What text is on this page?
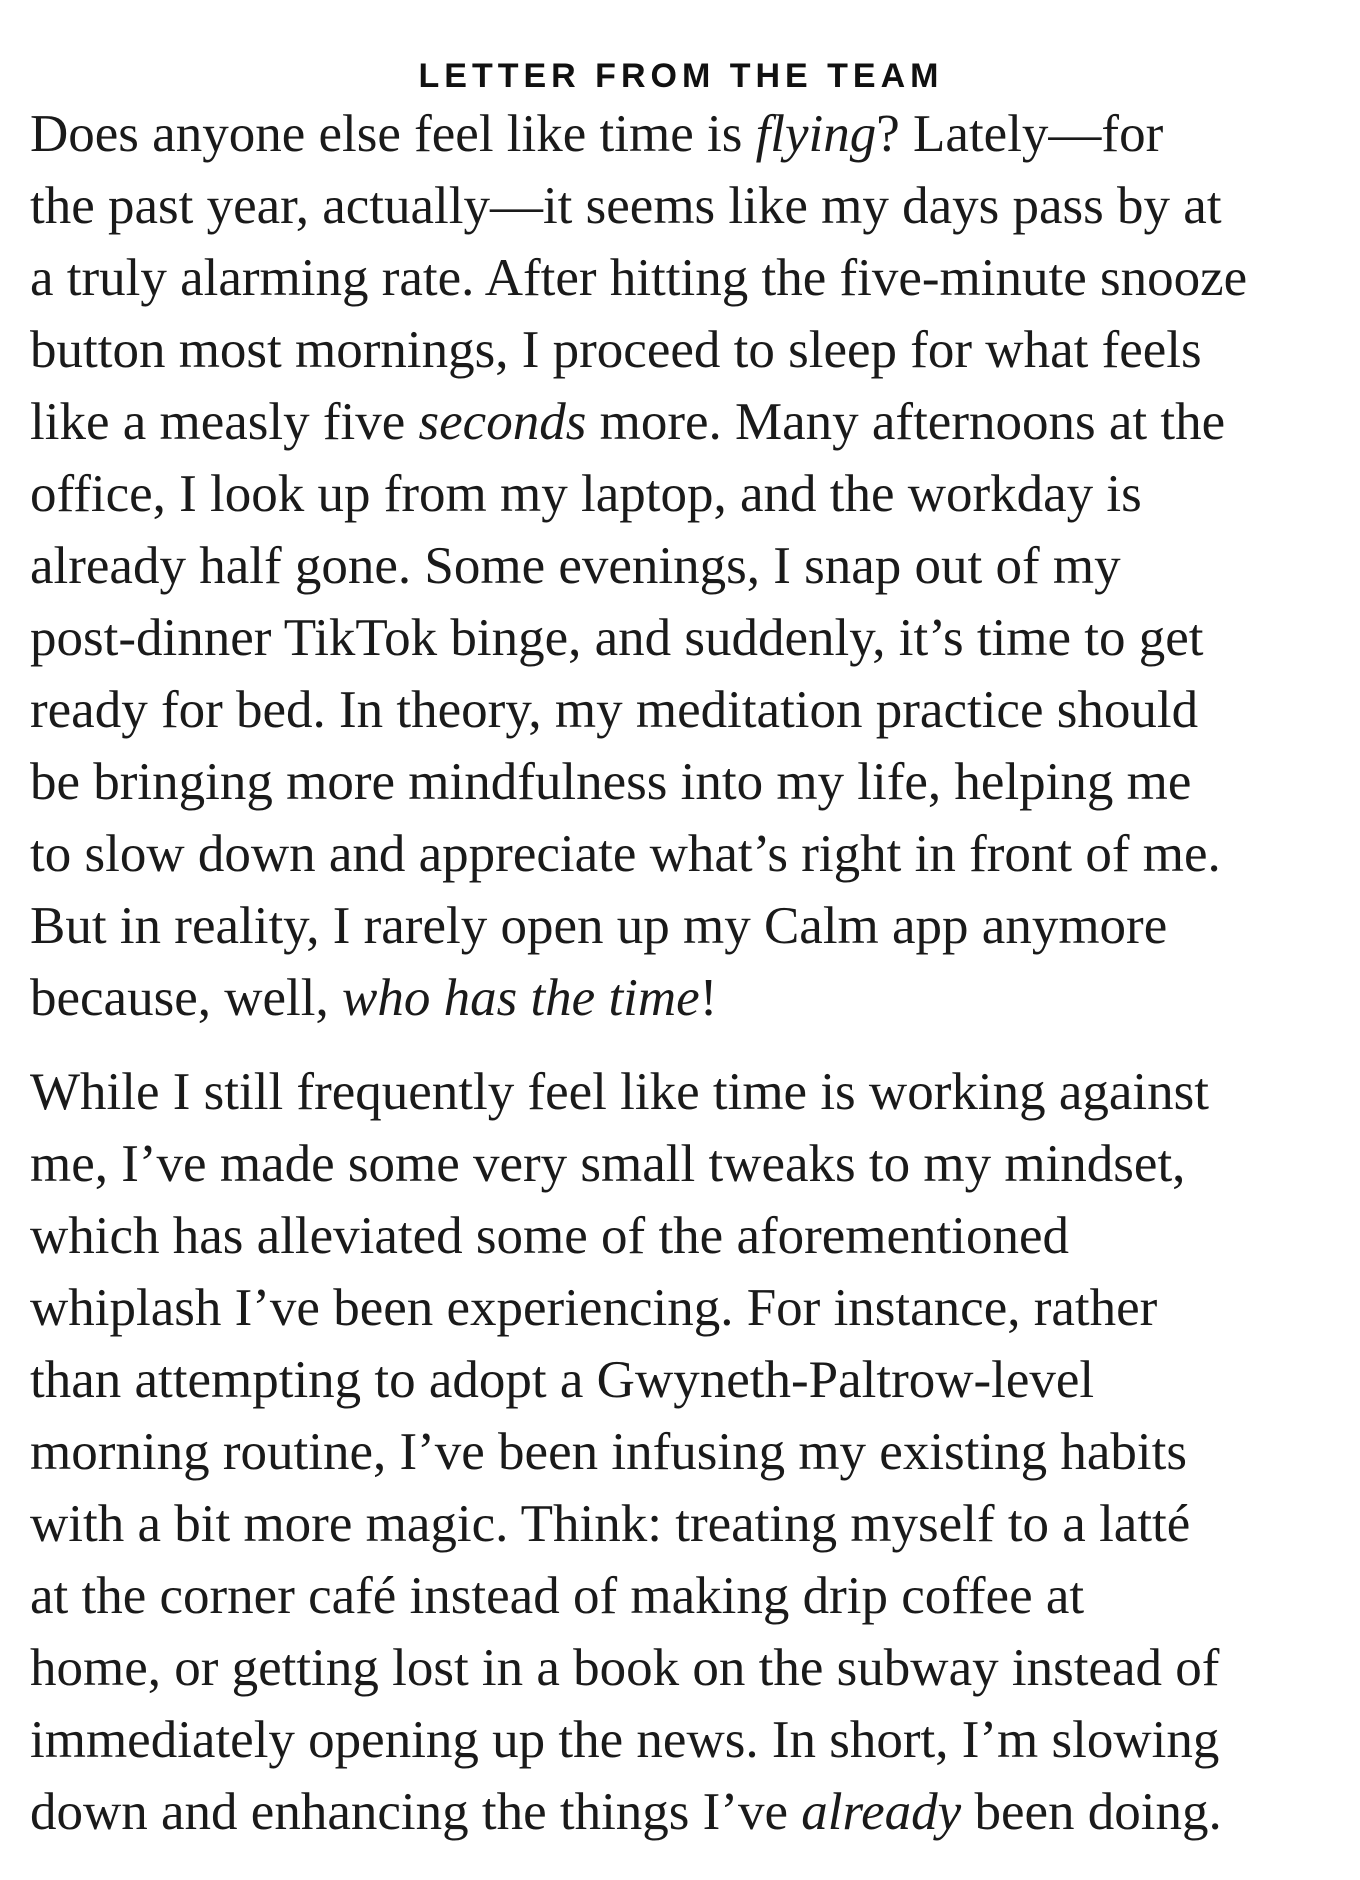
LETTER FROM THE TEAM

Does anyone else feel like time is flying? Lately—for
the past year, actually—it seems like my days pass by at
a truly alarming rate. After hitting the five-minute snooze
button most mornings, I proceed to sleep for what feels
like a measly five seconds more. Many afternoons at the
office, I look up from my laptop, and the workday is
already half gone. Some evenings, I snap out of my
post-dinner TikTok binge, and suddenly, it’s time to get
ready for bed. In theory, my meditation practice should
be bringing more mindfulness into my life, helping me
to slow down and appreciate what’s right in front of me.
But in reality, I rarely open up my Calm app anymore
because, well, who has the time!

While I still frequently feel like time is working against
me, I’ve made some very small tweaks to my mindset,
which has alleviated some of the aforementioned
whiplash I’ve been experiencing. For instance, rather
than attempting to adopt a Gwyneth-Paltrow-level
morning routine, I’ve been infusing my existing habits
with a bit more magic. Think: treating myself to a latté
at the corner café instead of making drip coffee at
home, or getting lost in a book on the subway instead of
immediately opening up the news. In short, I’m slowing
down and enhancing the things I’ve already been doing.
